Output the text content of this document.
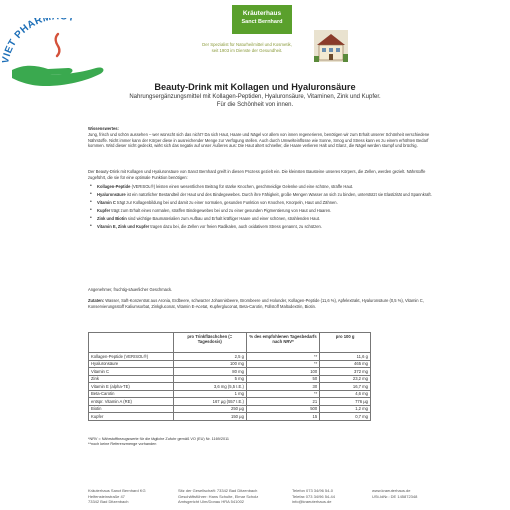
IET PHARM Y	Kräuterhaus
Sanct Bernhard
Der Spezialist für Naturheilmittel und Kosmetik,
seit 1903 im Dienste der Gesundheit.
Beauty-Drink mit Kollagen und Hyaluronsäure
Nahrungsergänzungsmittel mit Kollagen-Peptiden, Hyaluronsäure, Vitaminen, Zink und Kupfer.
Für die Schönheit von innen.
Wissenswertes:
Jung, frisch und schön aussehen – wer wünscht sich das nicht? Da sich Haut, Haare und Nägel vor allem von innen regenerieren, benötigen wir zum Erhalt unserer Schönheit verschiedene Nährstoffe. Nicht immer kann der Körper diese in ausreichender Menge zur Verfügung stellen. Auch durch Umwelteinflüsse wie Sonne, Smog und Stress kann es zu einem erhöhten Bedarf kommen. Wird dieser nicht gedeckt, wirkt sich das negativ auf unser Äußeres aus: Die Haut altert schneller, die Haare verlieren Halt und Glanz, die Nägel werden stumpf und brüchig.
Der Beauty-Drink mit Kollagen und Hyaluronsäure von Sanct Bernhard greift in diesen Prozess gezielt ein. Die kleinsten Bausteine unseres Körpers, die Zellen, werden gezielt. Nährstoffe zugeführt, die sie für eine optimale Funktion benötigen:
• Kollagen-Peptide (VERISOL®) leisten einen wesentlichen Beitrag für starke Knochen, geschmeidige Gelenke und eine schöne, straffe Haut.
• Hyaluronsäure ist ein natürlicher Bestandteil der Haut und des Bindegewebes. Durch ihre Fähigkeit, große Mengen Wasser an sich zu binden, unterstützt sie Elastizität und Spannkraft.
• Vitamin C trägt zur Kollagenbildung bei und damit zu einer normalen, gesunden Funktion von Knochen, Knorpeln, Haut und Zähnen.
• Kupfer trägt zum Erhalt eines normalen, straffen Bindegewebes bei und zu einer gesunden Pigmentierung von Haut und Haaren.
• Zink und Biotin sind wichtige Baumaterialien zum Aufbau und Erhalt kräftiger Haare und einer schönen, strahlenden Haut.
• Vitamin E, Zink und Kupfer tragen dazu bei, die Zellen vor freien Radikalen, auch oxidativem Stress genannt, zu schützen.
Angenehmer, fruchtig-säuerlicher Geschmack.
Zutaten: Wasser, Saft-Konzentrat aus Aronia, Erdbeere, schwarzer Johannisbeere, Brombeere und Holunder, Kollagen-Peptide (11,6 %), Apfelextrakt, Hyaluronsäure (0,5 %), Vitamin C, Konservierungsstoff Kaliumsorbat, Zinkgluconat, Vitamin E-Acetat, Kupfergluconat, Beta-Carotin, Füllstoff Maltodextrin, Biotin.
	pro Trinkfläschchen (= Tagesdosis)	% des empfohlenen Tagesbedarfs nach NRV*	pro 100 g
Kollagen-Peptide (VERISOL®)	2,5 g	**	11,6 g
Hyaluronsäure	100 mg	**	465 mg
Vitamin C	80 mg	100	372 mg
Zink	5 mg	50	23,2 mg
Vitamin E (alpha-TE)	3,6 mg (5,5 I.E.)	30	16,7 mg
Beta-Carotin	1 mg	**	4,6 mg
entspr. Vitamin A (RE)	167 µg (557 I.E.)	21	776 µg
Biotin	250 µg	500	1,2 mg
Kupfer	150 µg	15	0,7 mg
*NRV = Nährstoffbezugswerte für die tägliche Zufuhr gemäß VO (EU) Nr. 1169/2011
**noch keine Referenzmenge vorhanden
Kräuterhaus Sanct Bernhard KG
Helfensteinstraße 47
73342 Bad Ditzenbach
Sitz der Gesellschaft: 73342 Bad Ditzenbach
Geschäftsführer: Hans Schulte, Elmar Scholz
Amtsgericht Ulm/Donau HRA 541002
Telefon 073 34/96 54-0
Telefax 073 34/96 54-44
info@kraeuterhaus.de
www.kraeuterhaus.de
USt-IdNr.: DE 145872348
